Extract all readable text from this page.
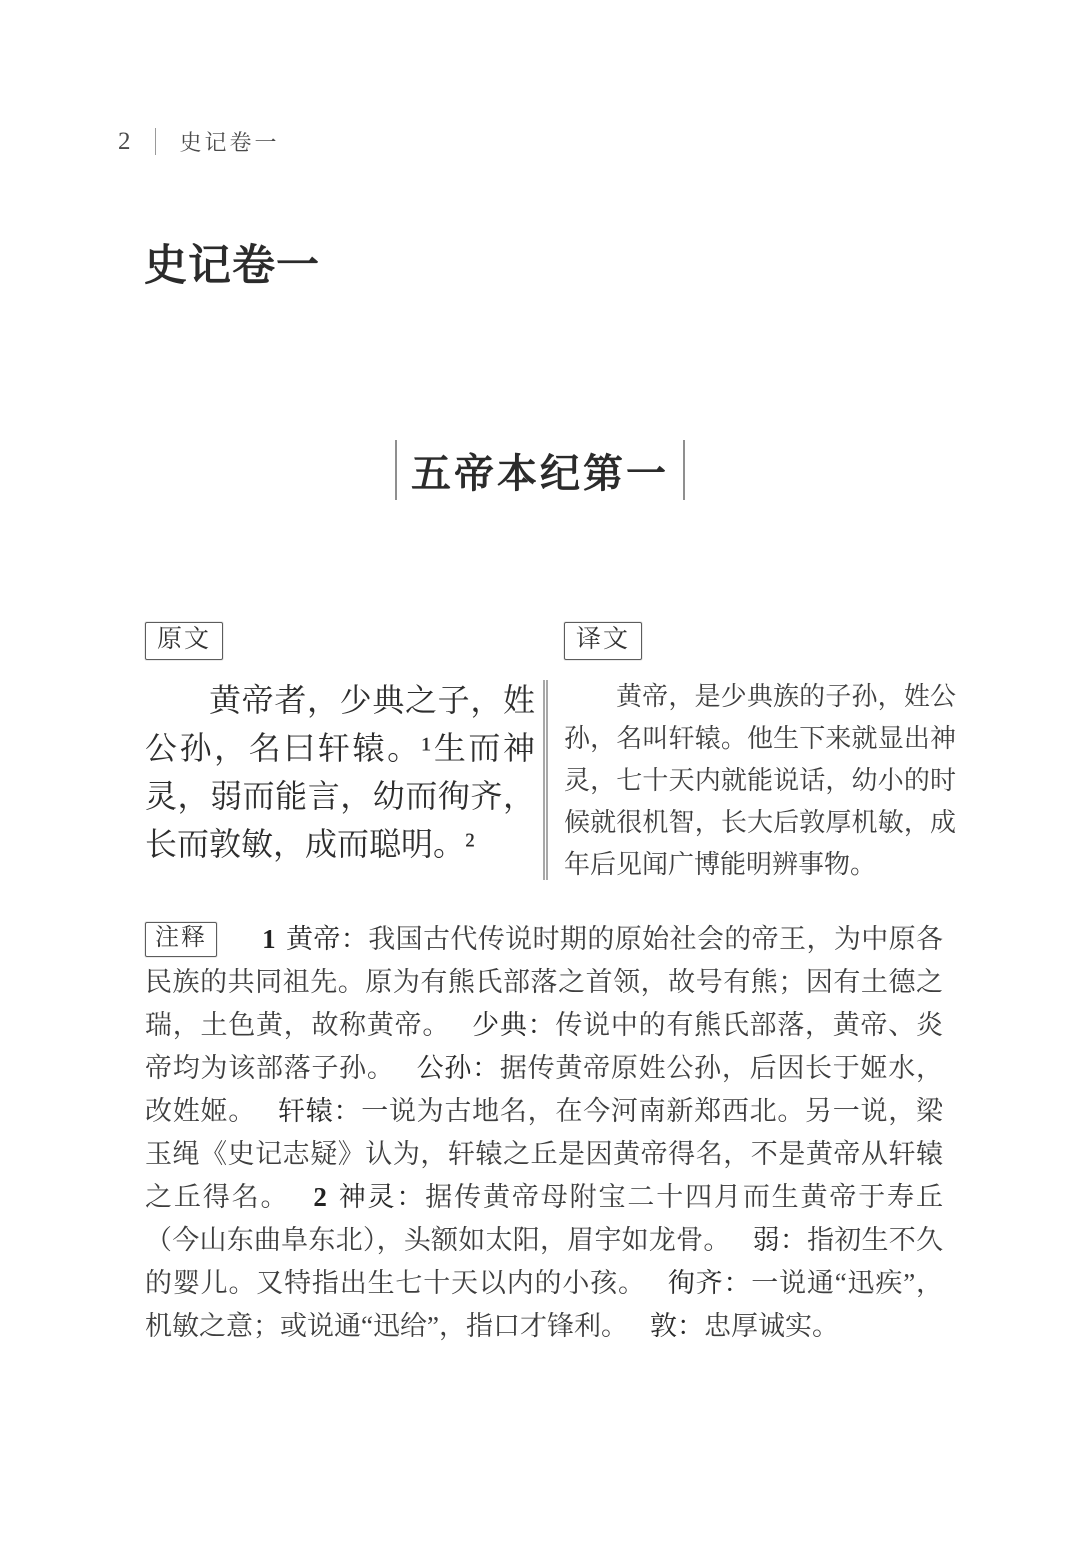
2 史记卷一
史记卷一
五帝本纪第一
原文
黄帝者，少典之子，姓公孙，名曰轩辕。¹生而神灵，弱而能言，幼而徇齐，长而敦敏，成而聪明。²
译文
黄帝，是少典族的子孙，姓公孙，名叫轩辕。他生下来就显出神灵，七十天内就能说话，幼小的时候就很机智，长大后敦厚机敏，成年后见闻广博能明辨事物。
注释 1 黄帝：我国古代传说时期的原始社会的帝王，为中原各民族的共同祖先。原为有熊氏部落之首领，故号有熊；因有土德之瑞，土色黄，故称黄帝。 少典：传说中的有熊氏部落，黄帝、炎帝均为该部落子孙。 公孙：据传黄帝原姓公孙，后因长于姬水，改姓姬。 轩辕：一说为古地名，在今河南新郑西北。另一说，梁玉绳《史记志疑》认为，轩辕之丘是因黄帝得名，不是黄帝从轩辕之丘得名。 2 神灵：据传黄帝母附宝二十四月而生黄帝于寿丘（今山东曲阜东北），头额如太阳，眉宇如龙骨。 弱：指初生不久的婴儿。又特指出生七十天以内的小孩。 徇齐：一说通“迅疾”，机敏之意；或说通“迅给”，指口才锋利。 敦：忠厚诚实。
